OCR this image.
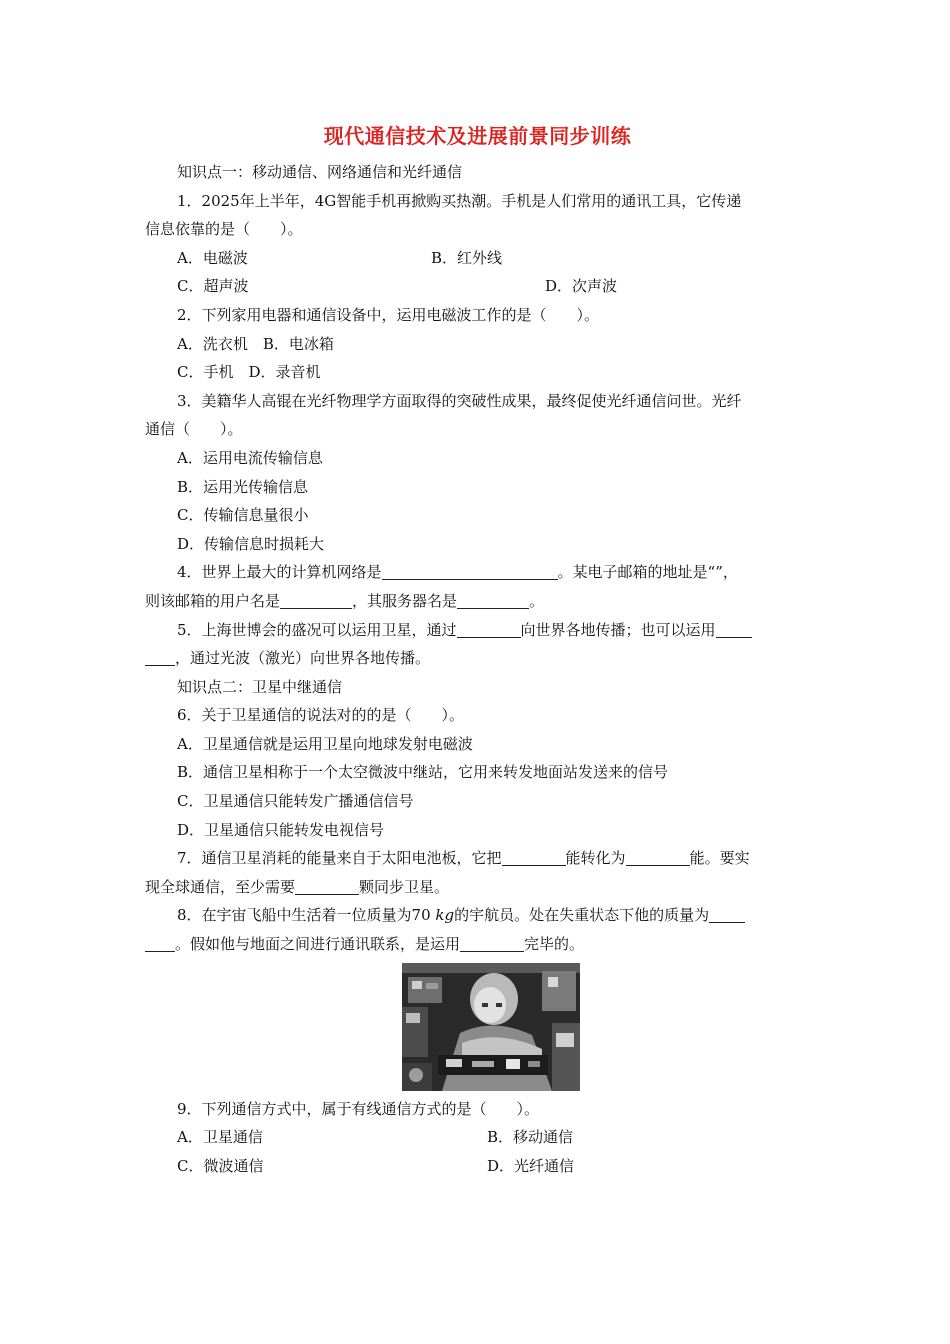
现代通信技术及进展前景同步训练
知识点一：移动通信、网络通信和光纤通信
1．2025年上半年，4G智能手机再掀购买热潮。手机是人们常用的通讯工具，它传递
信息依靠的是（　　）。
A．电磁波	B．红外线
C．超声波	D．次声波
2．下列家用电器和通信设备中，运用电磁波工作的是（　　）。
A．洗衣机　B．电冰箱
C．手机　D．录音机
3．美籍华人高锟在光纤物理学方面取得的突破性成果，最终促使光纤通信问世。光纤
通信（　　）。
A．运用电流传输信息
B．运用光传输信息
C．传输信息量很小
D．传输信息时损耗大
4．世界上最大的计算机网络是	。某电子邮箱的地址是“”，
则该邮箱的用户名是	，其服务器名是	。
5．上海世博会的盛况可以运用卫星，通过	向世界各地传播；也可以运用
，通过光波（激光）向世界各地传播。
知识点二：卫星中继通信
6．关于卫星通信的说法对的的是（　　）。
A．卫星通信就是运用卫星向地球发射电磁波
B．通信卫星相称于一个太空微波中继站，它用来转发地面站发送来的信号
C．卫星通信只能转发广播通信信号
D．卫星通信只能转发电视信号
7．通信卫星消耗的能量来自于太阳电池板，它把	能转化为	能。要实
现全球通信，至少需要	颗同步卫星。
8．在宇宙飞船中生活着一位质量为70 kg的宇航员。处在失重状态下他的质量为
。假如他与地面之间进行通讯联系，是运用	完毕的。
9．下列通信方式中，属于有线通信方式的是（　　）。
A．卫星通信	B．移动通信
C．微波通信	D．光纤通信
